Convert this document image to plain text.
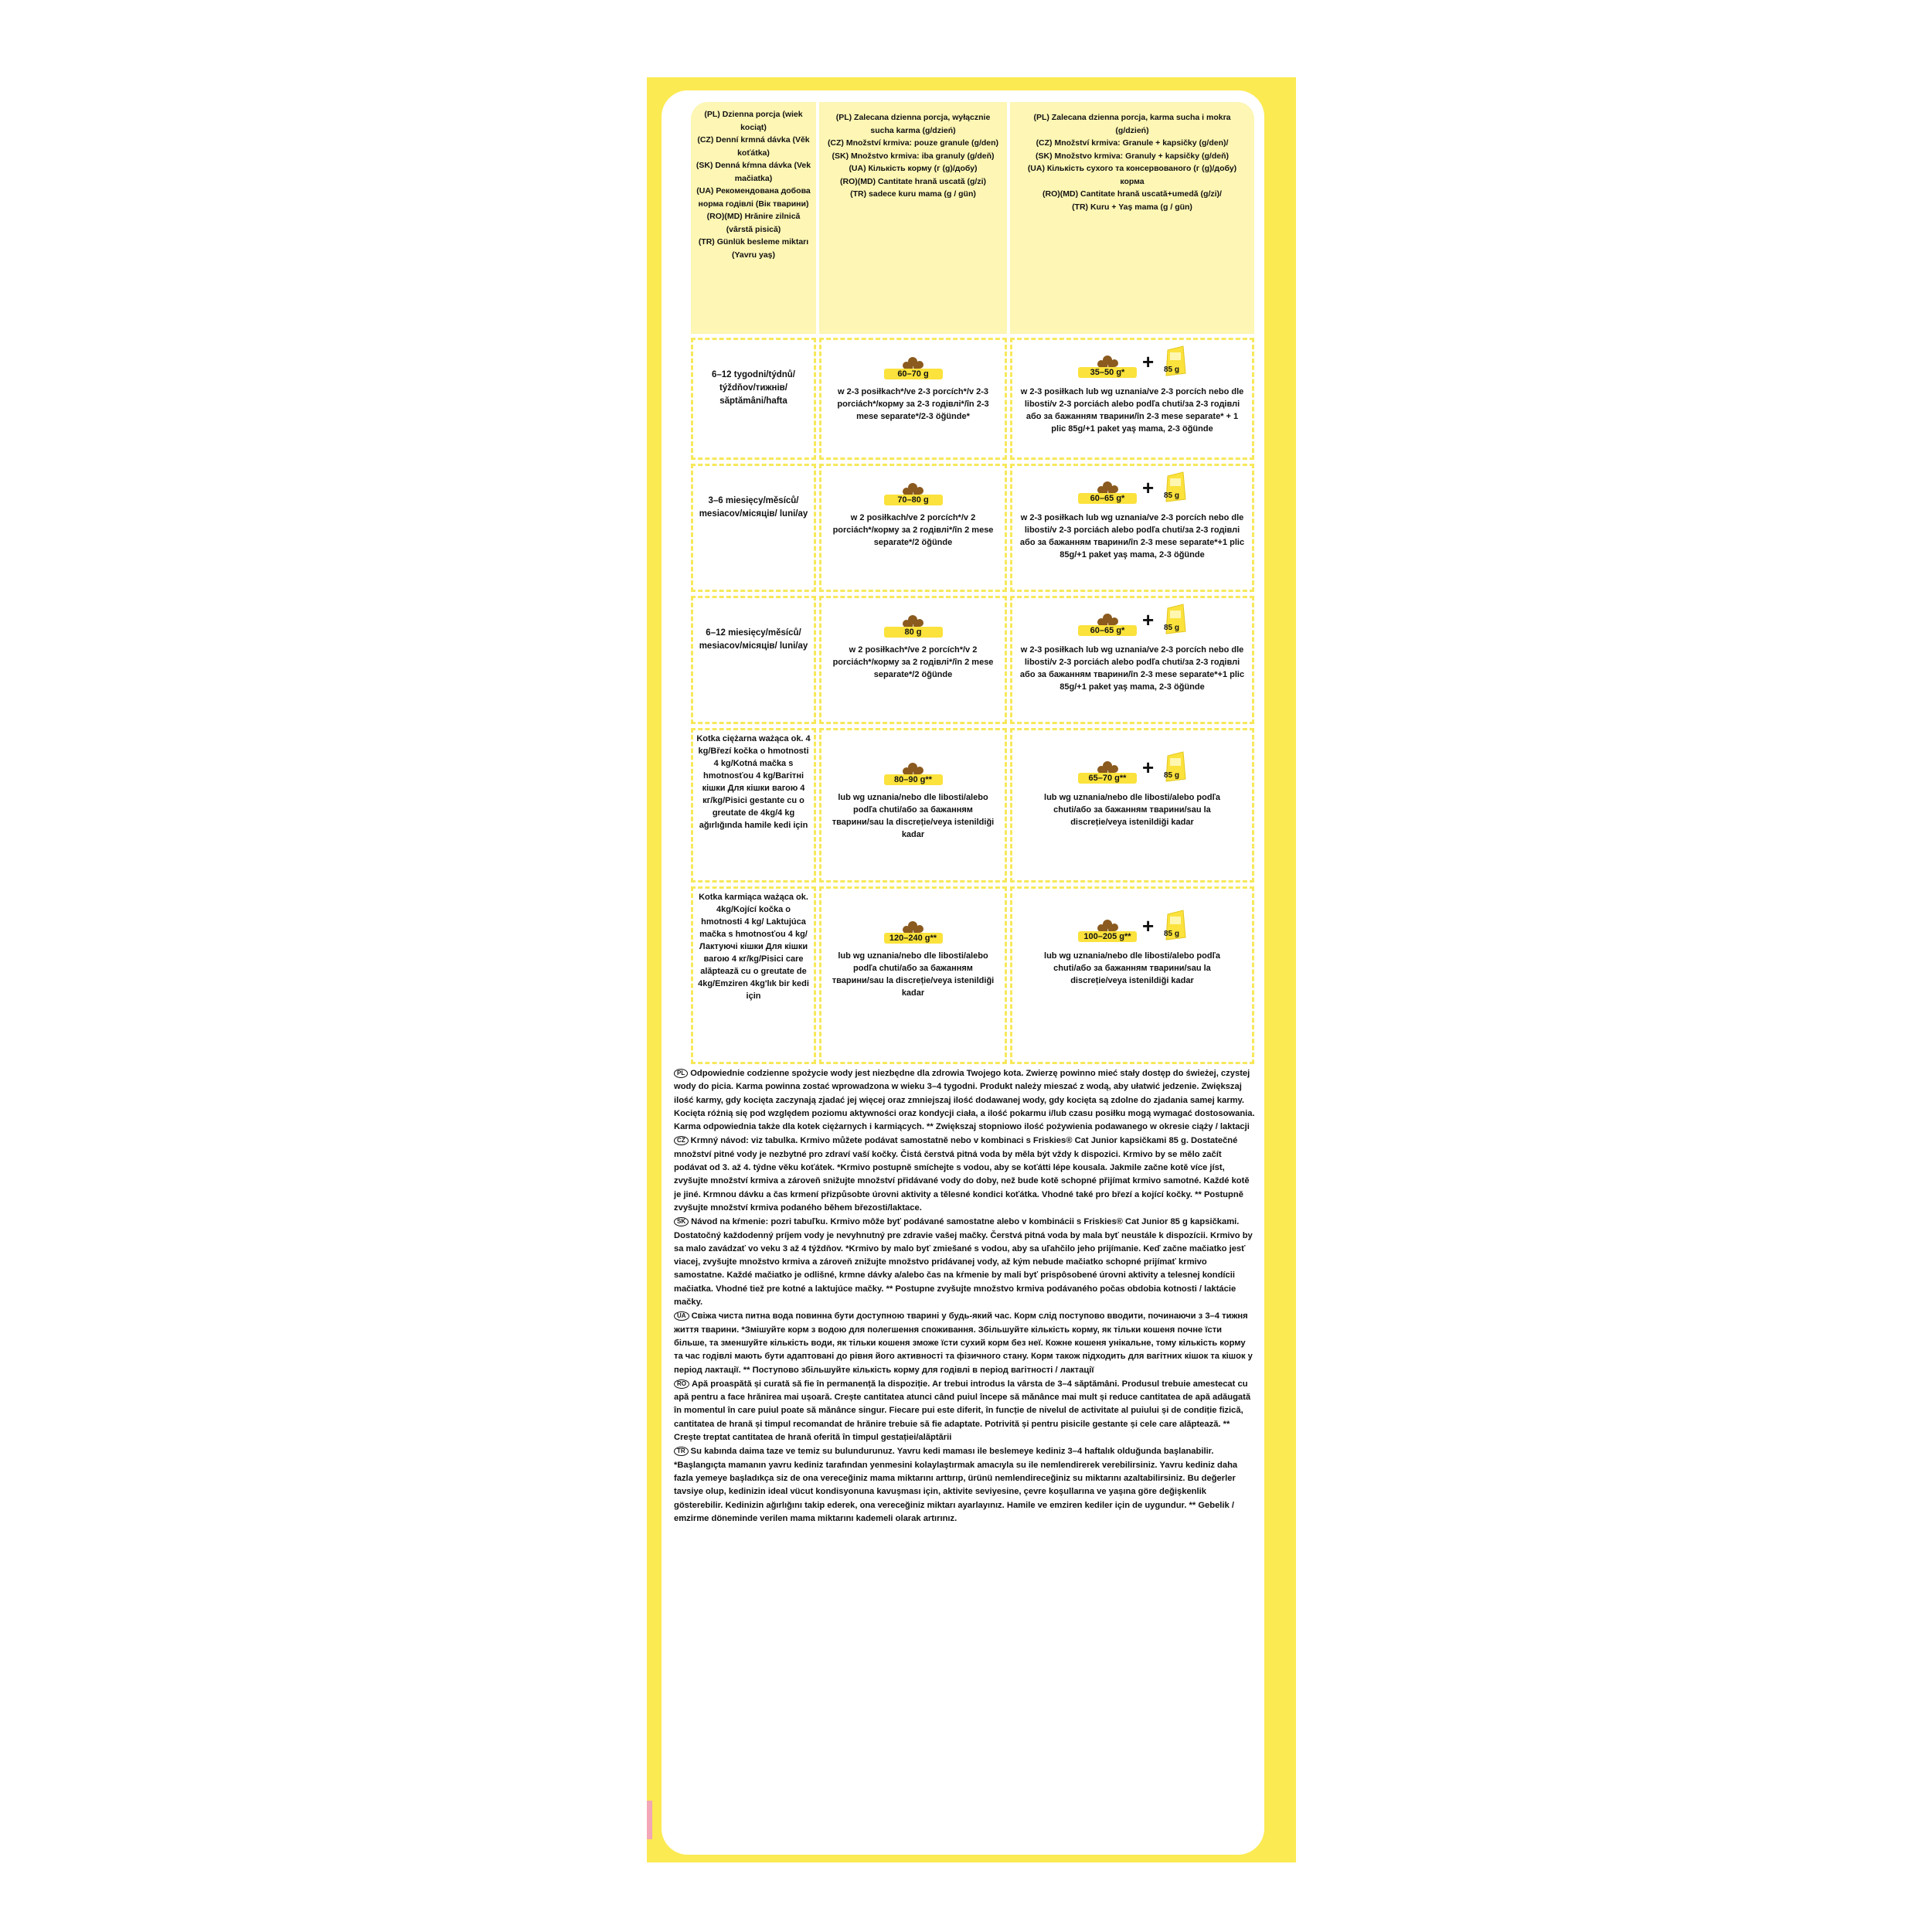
(PL) Dzienna porcja (wiek kociąt)

(CZ) Denní krmná dávka (Věk koťátka)

(SK) Denná kŕmna dávka (Vek mačiatka)

(UA) Рекомендована добова норма годівлі (Вік тварини)

(RO)(MD) Hrănire zilnică (vârstă pisică)

(TR) Günlük besleme miktarı (Yavru yaş)

(PL) Zalecana dzienna porcja, wyłącznie sucha karma (g/dzień)

(CZ) Množství krmiva: pouze granule (g/den)

(SK) Množstvo krmiva: iba granuly (g/deň)

(UA) Кількість корму (г (g)/добу)

(RO)(MD) Cantitate hrană uscată (g/zi)

(TR) sadece kuru mama (g / gün)

(PL) Zalecana dzienna porcja, karma sucha i mokra (g/dzień)

(CZ) Množství krmiva: Granule + kapsičky (g/den)/

(SK) Množstvo krmiva: Granuly + kapsičky (g/deň)

(UA) Кількість сухого та консервованого (г (g)/добу) корма

(RO)(MD) Cantitate hrană uscată+umedă (g/zi)/

(TR) Kuru + Yaş mama (g / gün)

6–12 tygodni/týdnů/ týždňov/тижнів/ săptămâni/hafta

60–70 g

w 2-3 posiłkach*/ve 2-3 porcích*/v 2-3 porciách*/корму за 2-3 годівлі*/în 2-3 mese separate*/2-3 öğünde*

35–50 g* + 85 g

w 2-3 posiłkach lub wg uznania/ve 2-3 porcích nebo dle libosti/v 2-3 porciách alebo podľa chuti/за 2-3 годівлі або за бажанням тварини/în 2-3 mese separate* + 1 plic 85g/+1 paket yaş mama, 2-3 öğünde

3–6 miesięcy/měsíců/ mesiacov/місяців/ luni/ay

70–80 g

w 2 posiłkach/ve 2 porcích*/v 2 porciách*/корму за 2 годівлі*/în 2 mese separate*/2 öğünde

60–65 g* + 85 g

w 2-3 posiłkach lub wg uznania/ve 2-3 porcích nebo dle libosti/v 2-3 porciách alebo podľa chuti/за 2-3 годівлі або за бажанням тварини/în 2-3 mese separate*+1 plic 85g/+1 paket yaş mama, 2-3 öğünde

6–12 miesięcy/měsíců/ mesiacov/місяців/ luni/ay

80 g

w 2 posiłkach*/ve 2 porcích*/v 2 porciách*/корму за 2 годівлі*/în 2 mese separate*/2 öğünde

60–65 g* + 85 g

w 2-3 posiłkach lub wg uznania/ve 2-3 porcích nebo dle libosti/v 2-3 porciách alebo podľa chuti/за 2-3 годівлі або за бажанням тварини/în 2-3 mese separate*+1 plic 85g/+1 paket yaş mama, 2-3 öğünde

Kotka ciężarna ważąca ok. 4 kg/Březí kočka o hmotnosti 4 kg/Kotná mačka s hmotnosťou 4 kg/Вагітні кішки Для кішки вагою 4 кг/kg/Pisici gestante cu o greutate de 4kg/4 kg ağırlığında hamile kedi için

80–90 g**

lub wg uznania/nebo dle libosti/alebo podľa chuti/або за бажанням тварини/sau la discreție/veya istenildiği kadar

65–70 g** + 85 g

lub wg uznania/nebo dle libosti/alebo podľa chuti/або за бажанням тварини/sau la discreție/veya istenildiği kadar

Kotka karmiąca ważąca ok. 4kg/Kojící kočka o hmotnosti 4 kg/ Laktujúca mačka s hmotnosťou 4 kg/Лактуючі кішки Для кішки вагою 4 кг/kg/Pisici care alăptează cu o greutate de 4kg/Emziren 4kg'lık bir kedi için

120–240 g**

lub wg uznania/nebo dle libosti/alebo podľa chuti/або за бажанням тварини/sau la discreție/veya istenildiği kadar

100–205 g** + 85 g

lub wg uznania/nebo dle libosti/alebo podľa chuti/або за бажанням тварини/sau la discreție/veya istenildiği kadar

PL Odpowiednie codzienne spożycie wody jest niezbędne dla zdrowia Twojego kota. Zwierzę powinno mieć stały dostęp do świeżej, czystej wody do picia. Karma powinna zostać wprowadzona w wieku 3–4 tygodni. Produkt należy mieszać z wodą, aby ułatwić jedzenie. Zwiększaj ilość karmy, gdy kocięta zaczynają zjadać jej więcej oraz zmniejszaj ilość dodawanej wody, gdy kocięta są zdolne do zjadania samej karmy. Kocięta różnią się pod względem poziomu aktywności oraz kondycji ciała, a ilość pokarmu i/lub czasu posiłku mogą wymagać dostosowania. Karma odpowiednia także dla kotek ciężarnych i karmiących. ** Zwiększaj stopniowo ilość pożywienia podawanego w okresie ciąży / laktacji

CZ Krmný návod: viz tabulka. Krmivo můžete podávat samostatně nebo v kombinaci s Friskies® Cat Junior kapsičkami 85 g. Dostatečné množství pitné vody je nezbytné pro zdraví vaší kočky. Čistá čerstvá pitná voda by měla být vždy k dispozici. Krmivo by se mělo začít podávat od 3. až 4. týdne věku koťátek. *Krmivo postupně smíchejte s vodou, aby se koťátti lépe kousala. Jakmile začne kotě více jíst, zvyšujte množství krmiva a zároveň snižujte množství přidávané vody do doby, než bude kotě schopné přijímat krmivo samotné. Každé kotě je jiné. Krmnou dávku a čas krmení přizpůsobte úrovni aktivity a tělesné kondici koťátka. Vhodné také pro březí a kojící kočky. ** Postupně zvyšujte množství krmiva podaného během březosti/laktace.

SK Návod na kŕmenie: pozri tabuľku. Krmivo môže byť podávané samostatne alebo v kombinácii s Friskies® Cat Junior 85 g kapsičkami. Dostatočný každodenný príjem vody je nevyhnutný pre zdravie vašej mačky. Čerstvá pitná voda by mala byť neustále k dispozícii. Krmivo by sa malo zavádzať vo veku 3 až 4 týždňov. *Krmivo by malo byť zmiešané s vodou, aby sa uľahčilo jeho prijímanie. Keď začne mačiatko jesť viacej, zvyšujte množstvo krmiva a zároveň znižujte množstvo pridávanej vody, až kým nebude mačiatko schopné prijímať krmivo samostatne. Každé mačiatko je odlišné, krmne dávky a/alebo čas na kŕmenie by mali byť prispôsobené úrovni aktivity a telesnej kondícii mačiatka. Vhodné tiež pre kotné a laktujúce mačky. ** Postupne zvyšujte množstvo krmiva podávaného počas obdobia kotnosti / laktácie mačky.

UA Свіжа чиста питна вода повинна бути доступною тварині у будь-який час. Корм слід поступово вводити, починаючи з 3–4 тижня життя тварини. *Змішуйте корм з водою для полегшення споживання. Збільшуйте кількість корму, як тільки кошеня почне їсти більше, та зменшуйте кількість води, як тільки кошеня зможе їсти сухий корм без неї. Кожне кошеня унікальне, тому кількість корму та час годівлі мають бути адаптовані до рівня його активності та фізичного стану. Корм також підходить для вагітних кішок та кішок у період лактації. ** Поступово збільшуйте кількість корму для годівлі в період вагітності / лактації

RO Apă proaspătă și curată să fie în permanență la dispoziție. Ar trebui introdus la vârsta de 3–4 săptămâni. Produsul trebuie amestecat cu apă pentru a face hrănirea mai ușoară. Crește cantitatea atunci când puiul începe să mănânce mai mult și reduce cantitatea de apă adăugată în momentul în care puiul poate să mănânce singur. Fiecare pui este diferit, în funcție de nivelul de activitate al puiului și de condiție fizică, cantitatea de hrană și timpul recomandat de hrănire trebuie să fie adaptate. Potrivită și pentru pisicile gestante și cele care alăptează. ** Crește treptat cantitatea de hrană oferită în timpul gestației/alăptării

TR Su kabında daima taze ve temiz su bulundurunuz. Yavru kedi maması ile beslemeye kediniz 3–4 haftalık olduğunda başlanabilir. *Başlangıçta mamanın yavru kediniz tarafından yenmesini kolaylaştırmak amacıyla su ile nemlendirerek verebilirsiniz. Yavru kediniz daha fazla yemeye başladıkça siz de ona vereceğiniz mama miktarını arttırıp, ürünü nemlendireceğiniz su miktarını azaltabilirsiniz. Bu değerler tavsiye olup, kedinizin ideal vücut kondisyonuna kavuşması için, aktivite seviyesine, çevre koşullarına ve yaşına göre değişkenlik gösterebilir. Kedinizin ağırlığını takip ederek, ona vereceğiniz miktarı ayarlayınız. Hamile ve emziren kediler için de uygundur. ** Gebelik / emzirme döneminde verilen mama miktarını kademeli olarak artırınız.
